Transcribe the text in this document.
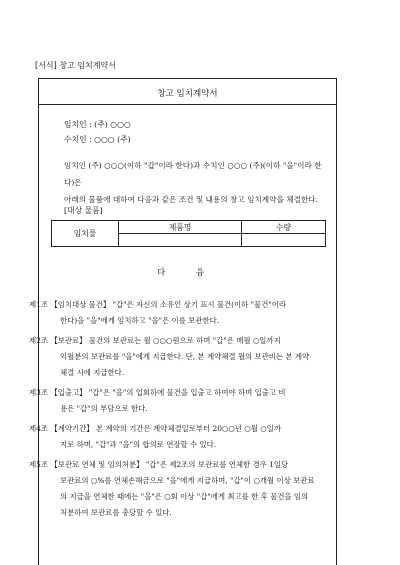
[서식] 창고 임치계약서
창고 임치계약서
임치인 : (주) ○○○
수치인 : ○○○ (주)
임치인 (주) ○○○(이하 "갑"이라 한다)과 수치인 ○○○ (주)(이하 "을"이라 한다)은
아래의 물품에 대하여 다음과 같은 조건 및 내용의 창고 임치계약을 체결한다.
[대상 물품]
임치물	제품명	수량

다 음
제1조 【임치대상 물건】 "갑"은 자신의 소유인 상기 표시 물건(이하 "물건"이라
한다)을 "을"에게 임치하고 "을"은 이를 보관한다.
제2조 【보관료】 물건의 보관료는 월 ○○○원으로 하며 "갑"은 매월 ○일까지
익월분의 보관료를 "을"에게 지급한다. 단, 본 계약체결 월의 보관비는 본 계약
체결 시에 지급한다.
제3조 【입출고】 "갑"은 "을"의 입회하에 물건을 입출고 하여야 하며 입출고 비
용은 "갑"의 부담으로 한다.
제4조 【계약기간】 본 계약의 기간은 계약체결일로부터 20○○년 ○월 ○일까
지로 하며, "갑"과 "을"의 합의로 연장할 수 있다.
제5조 【보관료 연체 및 임의처분】 "갑"은 제2조의 보관료를 연체한 경우 1일당
보관료의 ○%를 연체손해금으로 "을"에게 지급하며, "갑"이 ○개월 이상 보관료
의 지급을 연체한 때에는 "을"은 ○회 이상 "갑"에게 최고를 한 후 물건을 임의
처분하여 보관료를 충당할 수 있다.
